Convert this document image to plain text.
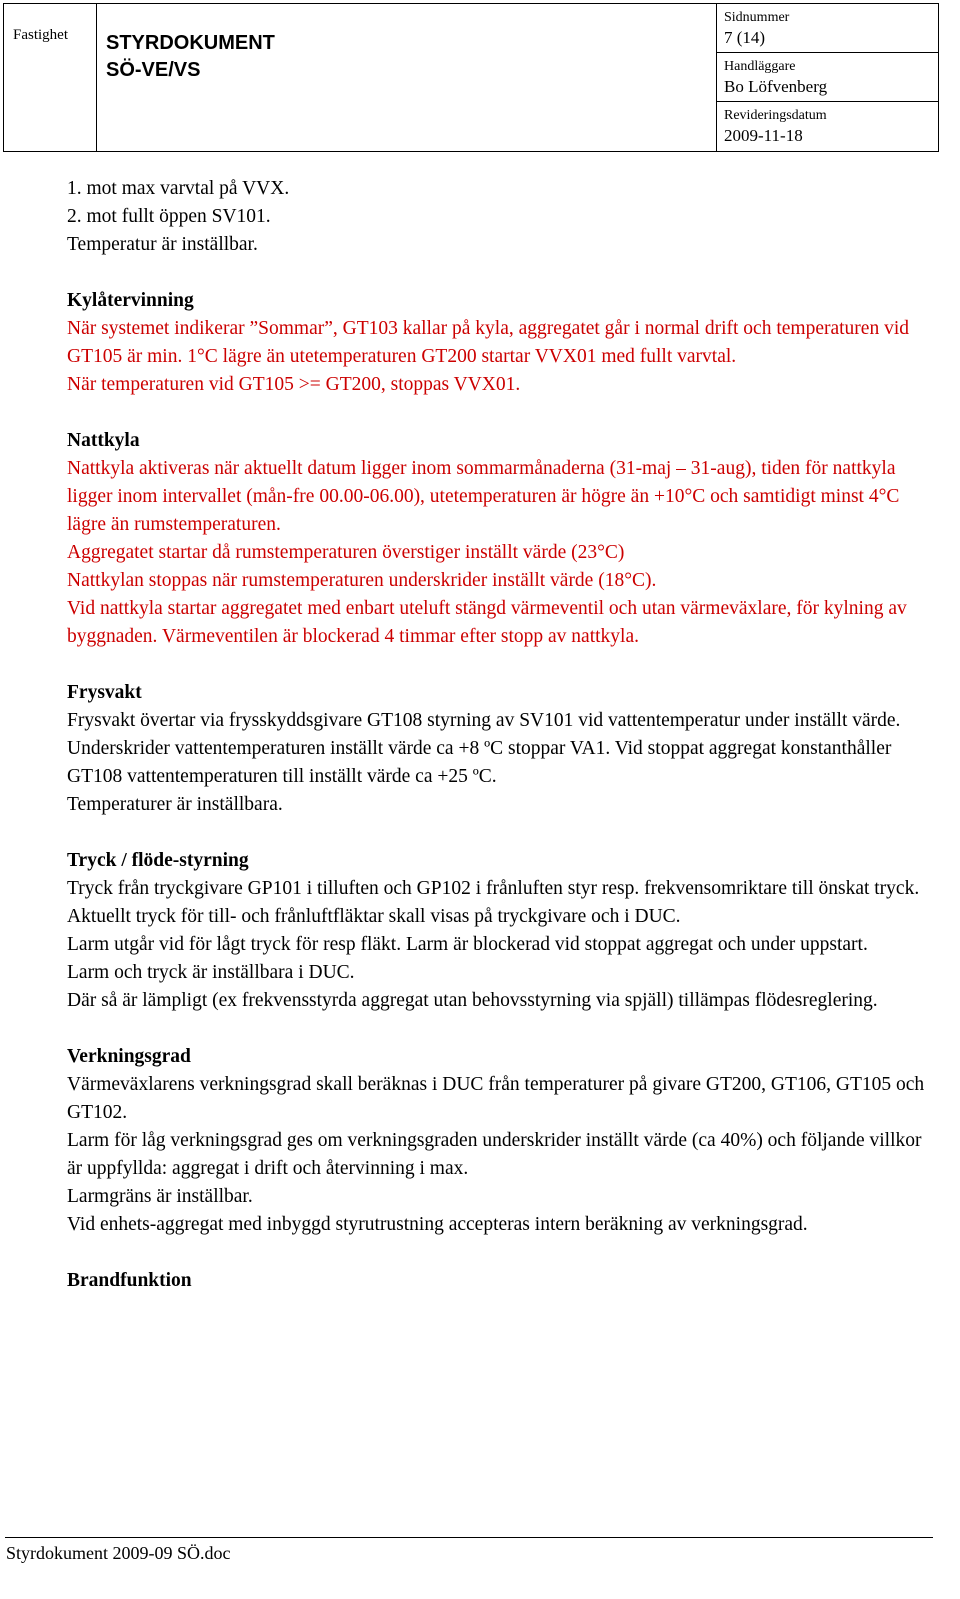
Fastighet STYRDOKUMENT
SÖ-VE/VS
Sidnummer
7 (14)
Handläggare
Bo Löfvenberg
Revideringsdatum
2009-11-18

1. mot max varvtal på VVX.

2. mot fullt öppen SV101.

Temperatur är inställbar.

Kylåtervinning

När systemet indikerar ”Sommar”, GT103 kallar på kyla, aggregatet går i normal drift och temperaturen vid GT105 är min. 1°C lägre än utetemperaturen GT200 startar VVX01 med fullt varvtal.

När temperaturen vid GT105 >= GT200, stoppas VVX01.

Nattkyla

Nattkyla aktiveras när aktuellt datum ligger inom sommarmånaderna (31-maj – 31-aug), tiden för nattkyla ligger inom intervallet (mån-fre 00.00-06.00), utetemperaturen är högre än +10°C och samtidigt minst 4°C lägre än rumstemperaturen.

Aggregatet startar då rumstemperaturen överstiger inställt värde (23°C)

Nattkylan stoppas när rumstemperaturen underskrider inställt värde (18°C).

Vid nattkyla startar aggregatet med enbart uteluft stängd värmeventil och utan värmeväxlare, för kylning av byggnaden. Värmeventilen är blockerad 4 timmar efter stopp av nattkyla.

Frysvakt

Frysvakt övertar via frysskyddsgivare GT108 styrning av SV101 vid vattentemperatur under inställt värde.

Underskrider vattentemperaturen inställt värde ca +8 ºC stoppar VA1. Vid stoppat aggregat konstanthåller GT108 vattentemperaturen till inställt värde ca +25 ºC.

Temperaturer är inställbara.

Tryck / flöde-styrning

Tryck från tryckgivare GP101 i tilluften och GP102 i frånluften styr resp. frekvensomriktare till önskat tryck.

Aktuellt tryck för till- och frånluftfläktar skall visas på tryckgivare och i DUC.

Larm utgår vid för lågt tryck för resp fläkt. Larm är blockerad vid stoppat aggregat och under uppstart.

Larm och tryck är inställbara i DUC.

Där så är lämpligt (ex frekvensstyrda aggregat utan behovsstyrning via spjäll) tillämpas flödesreglering.

Verkningsgrad

Värmeväxlarens verkningsgrad skall beräknas i DUC från temperaturer på givare GT200, GT106, GT105 och GT102.

Larm för låg verkningsgrad ges om verkningsgraden underskrider inställt värde (ca 40%) och följande villkor är uppfyllda: aggregat i drift och återvinning i max.

Larmgräns är inställbar.

Vid enhets-aggregat med inbyggd styrutrustning accepteras intern beräkning av verkningsgrad.

Brandfunktion
Styrdokument 2009-09 SÖ.doc
